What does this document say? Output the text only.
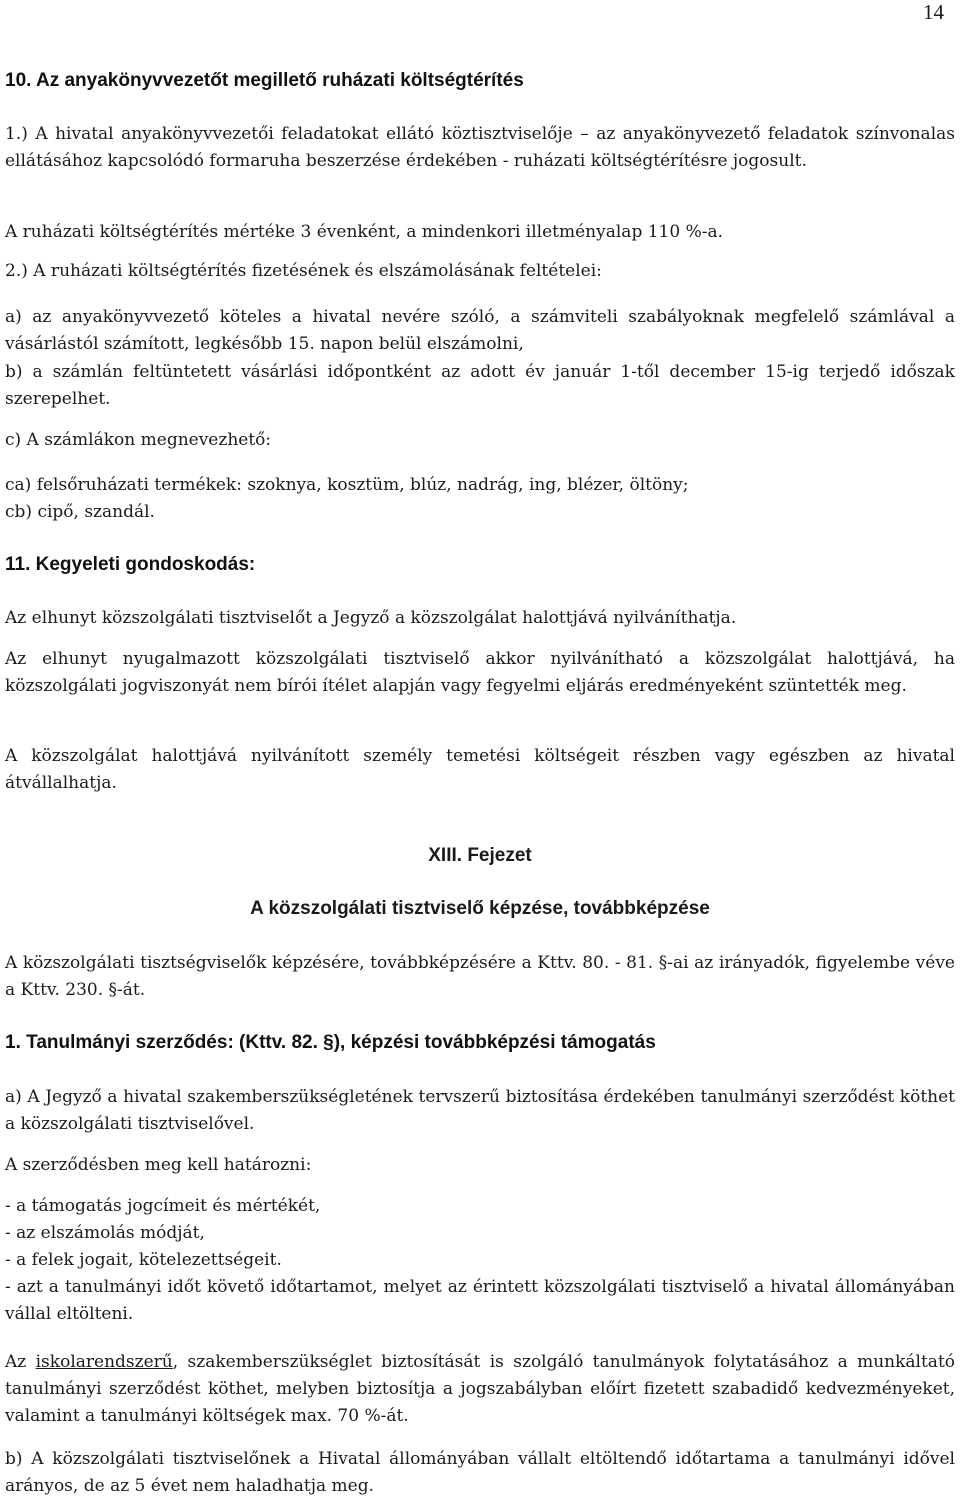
14
10. Az anyakönyvvezetőt megillető ruházati költségtérítés

1.) A hivatal anyakönyvvezetői feladatokat ellátó köztisztviselője – az anyakönyvezető feladatok színvonalas ellátásához kapcsolódó formaruha beszerzése érdekében - ruházati költségtérítésre jogosult.

A ruházati költségtérítés mértéke 3 évenként, a mindenkori illetményalap 110 %-a.

2.) A ruházati költségtérítés fizetésének és elszámolásának feltételei:

a) az anyakönyvvezető köteles a hivatal nevére szóló, a számviteli szabályoknak megfelelő számlával a vásárlástól számított, legkésőbb 15. napon belül elszámolni,

b) a számlán feltüntetett vásárlási időpontként az adott év január 1-től december 15-ig terjedő időszak szerepelhet.

c) A számlákon megnevezhető:

ca) felsőruházati termékek: szoknya, kosztüm, blúz, nadrág, ing, blézer, öltöny;

cb) cipő, szandál.

11. Kegyeleti gondoskodás:

Az elhunyt közszolgálati tisztviselőt a Jegyző a közszolgálat halottjává nyilváníthatja.

Az elhunyt nyugalmazott közszolgálati tisztviselő akkor nyilvánítható a közszolgálat halottjává, ha közszolgálati jogviszonyát nem bírói ítélet alapján vagy fegyelmi eljárás eredményeként szüntették meg.

A közszolgálat halottjává nyilvánított személy temetési költségeit részben vagy egészben az hivatal átvállalhatja.

XIII. Fejezet
A közszolgálati tisztviselő képzése, továbbképzése

A közszolgálati tisztségviselők képzésére, továbbképzésére a Kttv. 80. - 81. §-ai az irányadók, figyelembe véve a Kttv. 230. §-át.

1. Tanulmányi szerződés: (Kttv. 82. §), képzési továbbképzési támogatás

a) A Jegyző a hivatal szakemberszükségletének tervszerű biztosítása érdekében tanulmányi szerződést köthet a közszolgálati tisztviselővel.

A szerződésben meg kell határozni:

- a támogatás jogcímeit és mértékét,
- az elszámolás módját,
- a felek jogait, kötelezettségeit.
- azt a tanulmányi időt követő időtartamot, melyet az érintett közszolgálati tisztviselő a hivatal állományában vállal eltölteni.

Az iskolarendszerű, szakemberszükséglet biztosítását is szolgáló tanulmányok folytatásához a munkáltató tanulmányi szerződést köthet, melyben biztosítja a jogszabályban előírt fizetett szabadidő kedvezményeket, valamint a tanulmányi költségek max. 70 %-át.

b) A közszolgálati tisztviselőnek a Hivatal állományában vállalt eltöltendő időtartama a tanulmányi idővel arányos, de az 5 évet nem haladhatja meg.
